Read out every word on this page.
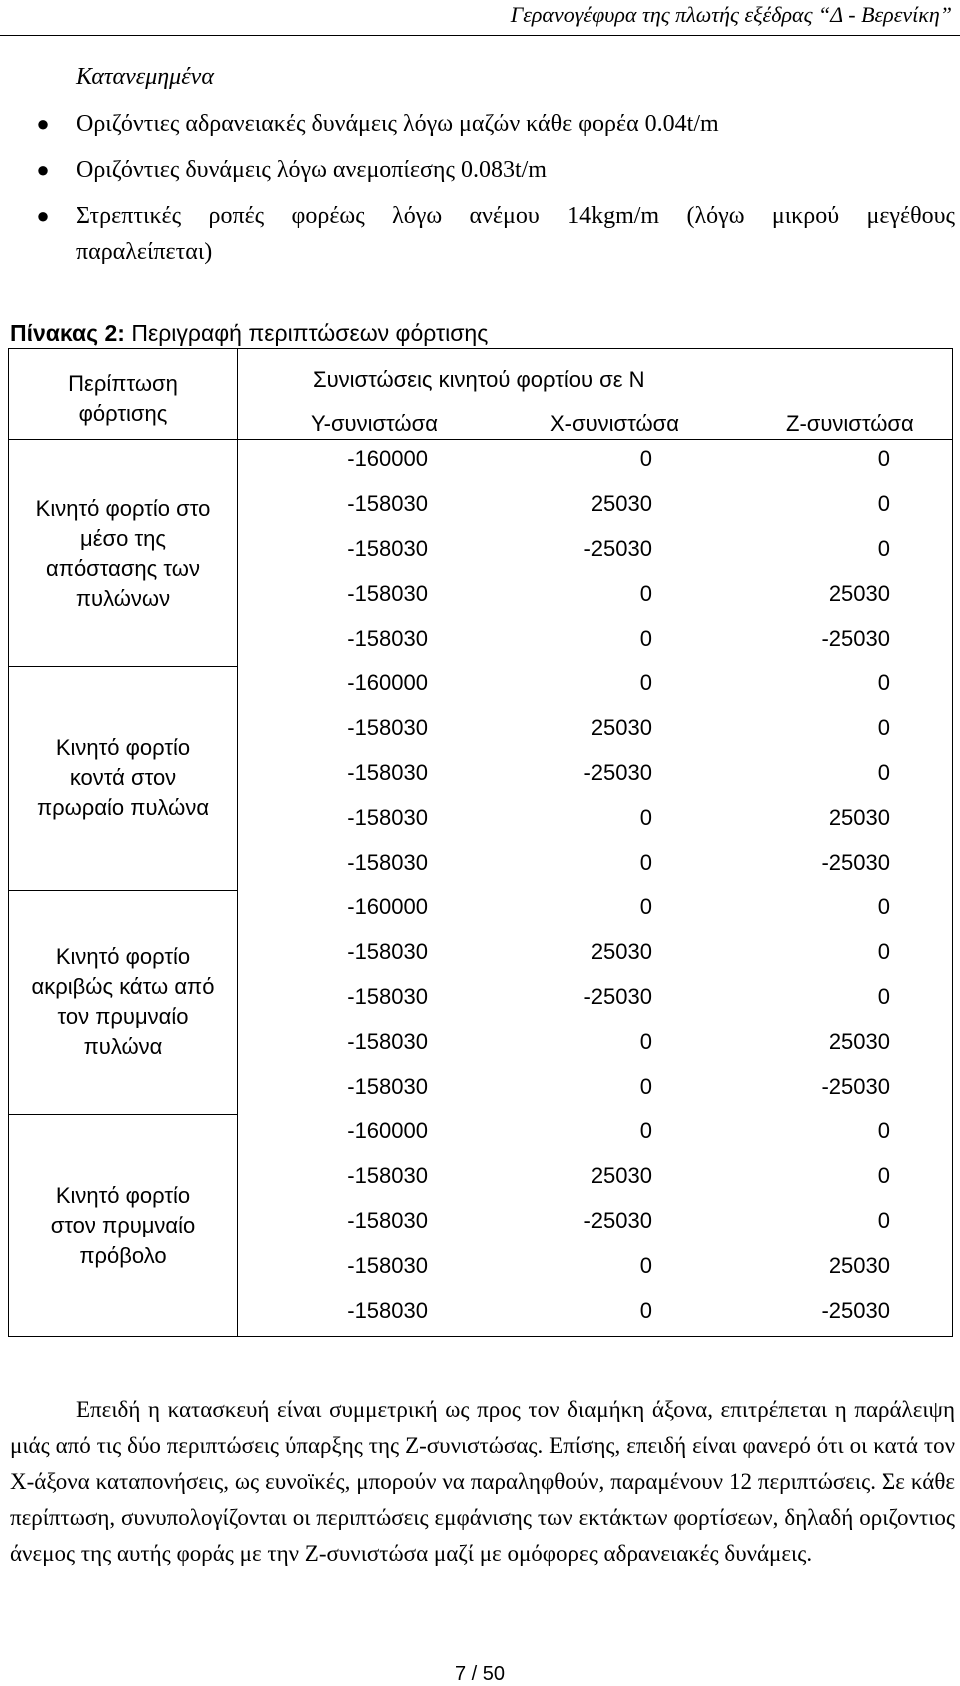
Γερανογέφυρα της πλωτής εξέδρας “Δ - Βερενίκη”
Κατανεμημένα
●	Οριζόντιες αδρανειακές δυνάμεις λόγω μαζών κάθε φορέα 0.04t/m
●	Οριζόντιες δυνάμεις λόγω ανεμοπίεσης 0.083t/m
●	Στρεπτικές ροπές φορέως λόγω ανέμου 14kgm/m (λόγω μικρού μεγέθους
παραλείπεται)
Πίνακας 2: Περιγραφή περιπτώσεων φόρτισης
Περίπτωση
φόρτισης
Συνιστώσεις κινητού φορτίου σε Ν
Y-συνιστώσα	X-συνιστώσα	Z-συνιστώσα
Κινητό φορτίο στο
μέσο της
απόστασης των
πυλώνων
-160000	0	0
-158030	25030	0
-158030	-25030	0
-158030	0	25030
-158030	0	-25030
Κινητό φορτίο
κοντά στον
πρωραίο πυλώνα
-160000	0	0
-158030	25030	0
-158030	-25030	0
-158030	0	25030
-158030	0	-25030
Κινητό φορτίο
ακριβώς κάτω από
τον πρυμναίο
πυλώνα
-160000	0	0
-158030	25030	0
-158030	-25030	0
-158030	0	25030
-158030	0	-25030
Κινητό φορτίο
στον πρυμναίο
πρόβολο
-160000	0	0
-158030	25030	0
-158030	-25030	0
-158030	0	25030
-158030	0	-25030
Επειδή η κατασκευή είναι συμμετρική ως προς τον διαμήκη άξονα, επιτρέπεται η παράλειψη μιάς από τις δύο περιπτώσεις ύπαρξης της Z-συνιστώσας. Επίσης, επειδή είναι φανερό ότι οι κατά τον X-άξονα καταπονήσεις, ως ευνοϊκές, μπορούν να παραληφθούν, παραμένουν 12 περιπτώσεις. Σε κάθε περίπτωση, συνυπολογίζονται οι περιπτώσεις εμφάνισης των εκτάκτων φορτίσεων, δηλαδή οριζοντιος άνεμος της αυτής φοράς με την Z-συνιστώσα μαζί με ομόφορες αδρανειακές δυνάμεις.
7 / 50
